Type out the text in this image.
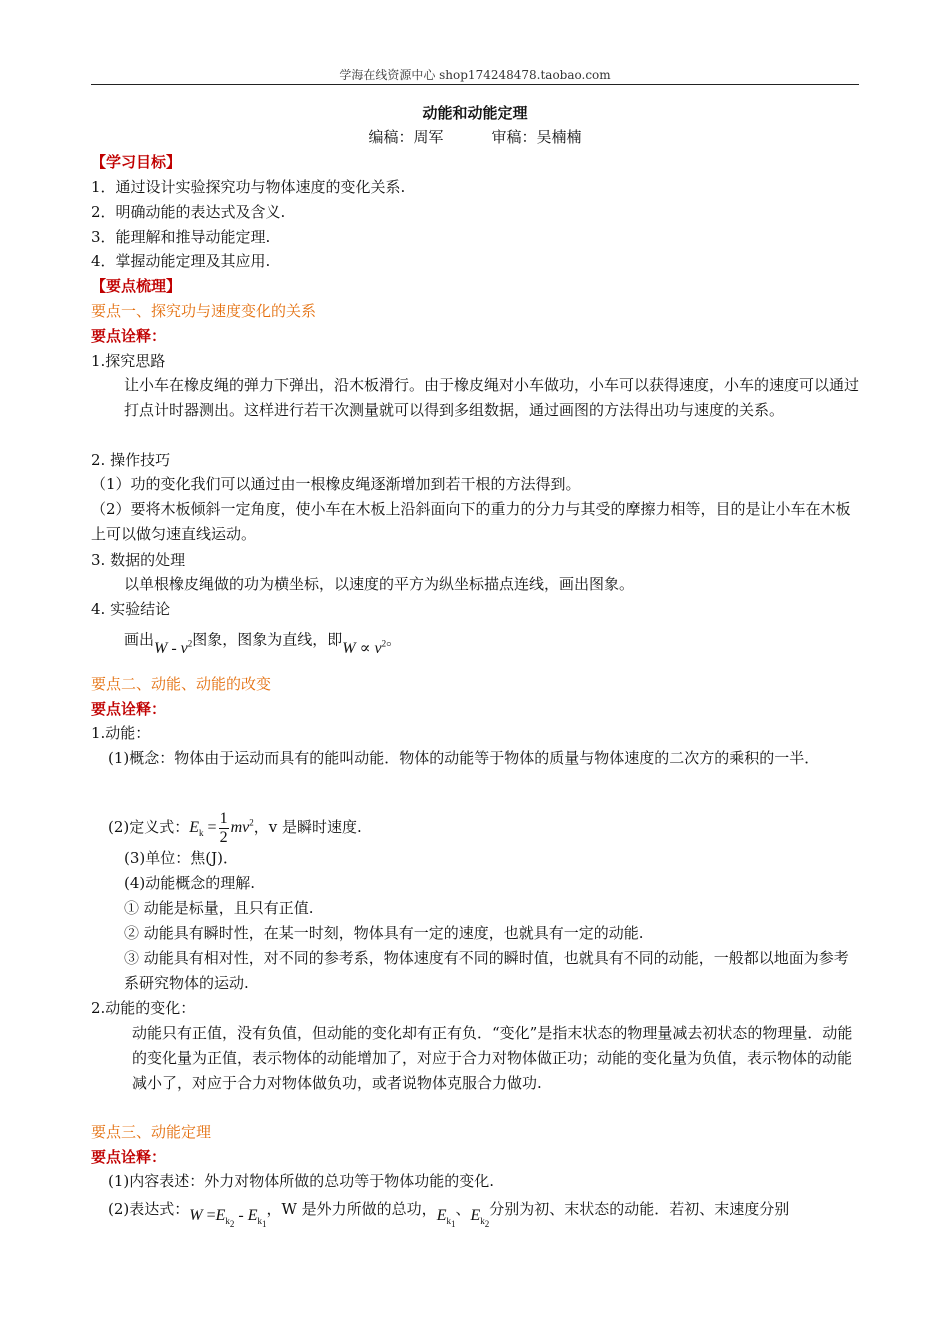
学海在线资源中心 shop174248478.taobao.com
动能和动能定理
编稿：周军	审稿：吴楠楠
【学习目标】
1．通过设计实验探究功与物体速度的变化关系.
2．明确动能的表达式及含义.
3．能理解和推导动能定理.
4．掌握动能定理及其应用.
【要点梳理】
要点一、探究功与速度变化的关系
要点诠释：
1.探究思路
让小车在橡皮绳的弹力下弹出，沿木板滑行。由于橡皮绳对小车做功，小车可以获得速度，小车的速度可以通过打点计时器测出。这样进行若干次测量就可以得到多组数据，通过画图的方法得出功与速度的关系。
2. 操作技巧
（1）功的变化我们可以通过由一根橡皮绳逐渐增加到若干根的方法得到。
（2）要将木板倾斜一定角度，使小车在木板上沿斜面向下的重力的分力与其受的摩擦力相等，目的是让小车在木板上可以做匀速直线运动。
3. 数据的处理
以单根橡皮绳做的功为横坐标，以速度的平方为纵坐标描点连线，画出图象。
4. 实验结论
画出W - $v^2$图象，图象为直线，即$W \propto v^2$。
要点二、动能、动能的改变
要点诠释：
1.动能：
(1)概念：物体由于运动而具有的能叫动能．物体的动能等于物体的质量与物体速度的二次方的乘积的一半．
(2)定义式：$E_k = \frac{1}{2} mv^2$，v 是瞬时速度.
(3)单位：焦(J)．
(4)动能概念的理解.
① 动能是标量，且只有正值.
② 动能具有瞬时性，在某一时刻，物体具有一定的速度，也就具有一定的动能.
③ 动能具有相对性，对不同的参考系，物体速度有不同的瞬时值，也就具有不同的动能，一般都以地面为参考系研究物体的运动.
2.动能的变化：
动能只有正值，没有负值，但动能的变化却有正有负．“变化”是指末状态的物理量减去初状态的物理量．动能的变化量为正值，表示物体的动能增加了，对应于合力对物体做正功；动能的变化量为负值，表示物体的动能减小了，对应于合力对物体做负功，或者说物体克服合力做功.
要点三、动能定理
要点诠释：
(1)内容表述：外力对物体所做的总功等于物体功能的变化.
(2)表达式：$W =E_{k_2} - E_{k_1}$，W 是外力所做的总功，$E_{k_1}$、$E_{k_2}$分别为初、末状态的动能．若初、末速度分别
